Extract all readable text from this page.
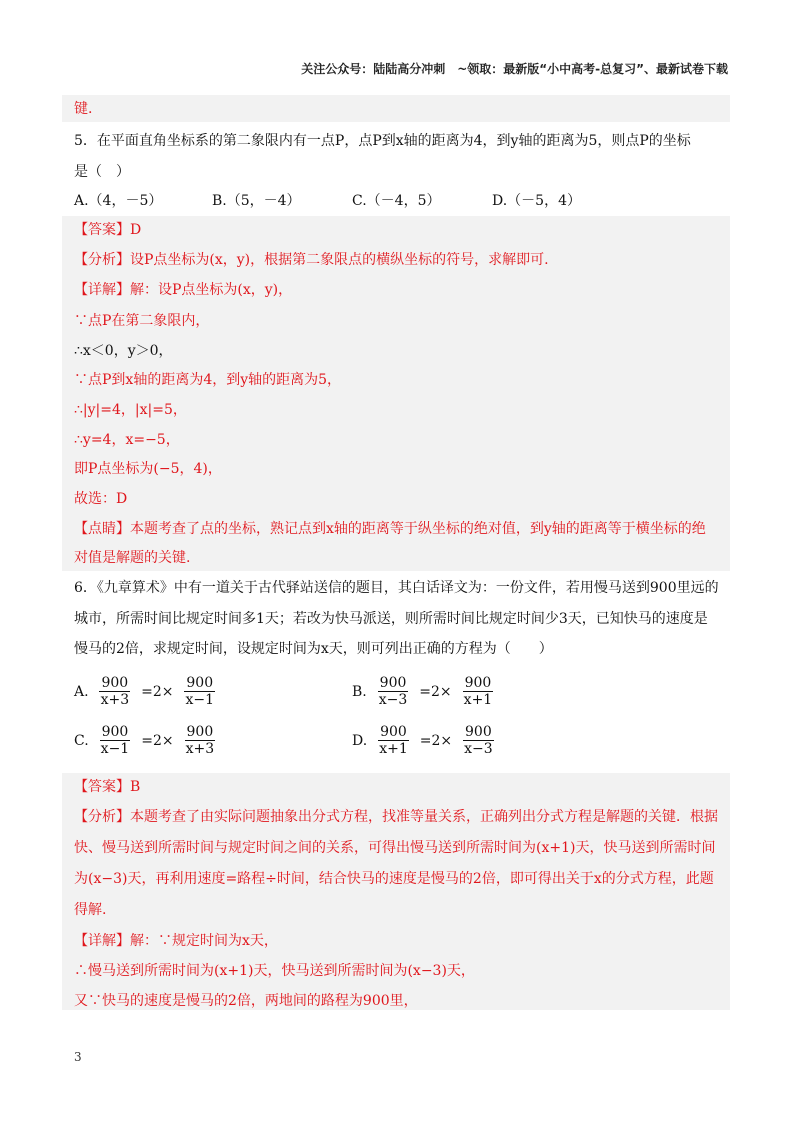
关注公众号：陆陆高分冲刺　~领取：最新版“小中高考-总复习”、最新试卷下载
键.
5．在平面直角坐标系的第二象限内有一点P，点P到x轴的距离为4，到y轴的距离为5，则点P的坐标
是（　）
A.（4，－5）	B.（5，－4）	C.（－4，5）	D.（－5，4）
【答案】D
【分析】设P点坐标为(x，y)，根据第二象限点的横纵坐标的符号，求解即可.
【详解】解：设P点坐标为(x，y)，
∵点P在第二象限内，
∴x＜0，y＞0，
∵点P到x轴的距离为4，到y轴的距离为5，
∴|y|=4，|x|=5，
∴y=4，x=−5，
即P点坐标为(−5，4)，
故选：D
【点睛】本题考查了点的坐标，熟记点到x轴的距离等于纵坐标的绝对值，到y轴的距离等于横坐标的绝
对值是解题的关键.
6．《九章算术》中有一道关于古代驿站送信的题目，其白话译文为：一份文件，若用慢马送到900里远的
城市，所需时间比规定时间多1天；若改为快马派送，则所需时间比规定时间少3天，已知快马的速度是
慢马的2倍，求规定时间，设规定时间为x天，则可列出正确的方程为（　　）
A. $\frac{900}{x+3} =2\times \frac{900}{x-1}$	B. $\frac{900}{x-3} =2\times \frac{900}{x+1}$
C. $\frac{900}{x-1} =2\times \frac{900}{x+3}$	D. $\frac{900}{x+1} =2\times \frac{900}{x-3}$
【答案】B
【分析】本题考查了由实际问题抽象出分式方程，找准等量关系，正确列出分式方程是解题的关键．根据
快、慢马送到所需时间与规定时间之间的关系，可得出慢马送到所需时间为(x+1)天，快马送到所需时间
为(x−3)天，再利用速度=路程÷时间，结合快马的速度是慢马的2倍，即可得出关于x的分式方程，此题
得解.
【详解】解：∵规定时间为x天，
∴慢马送到所需时间为(x+1)天，快马送到所需时间为(x−3)天，
又∵快马的速度是慢马的2倍，两地间的路程为900里，
3
